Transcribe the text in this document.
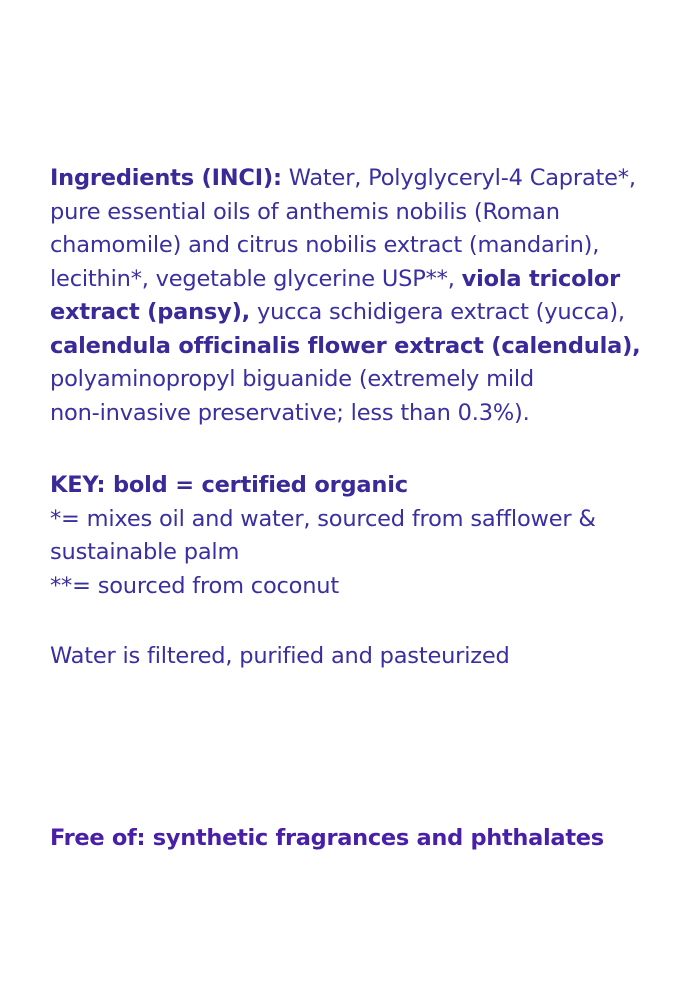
Ingredients (INCI): Water, Polyglyceryl-4 Caprate*,
pure essential oils of anthemis nobilis (Roman
chamomile) and citrus nobilis extract (mandarin),
lecithin*, vegetable glycerine USP**, viola tricolor
extract (pansy), yucca schidigera extract (yucca),
calendula officinalis flower extract (calendula),
polyaminopropyl biguanide (extremely mild
non-invasive preservative; less than 0.3%).
KEY: bold = certified organic
*= mixes oil and water, sourced from safflower &
sustainable palm
**= sourced from coconut
Water is filtered, purified and pasteurized
Free of: synthetic fragrances and phthalates
